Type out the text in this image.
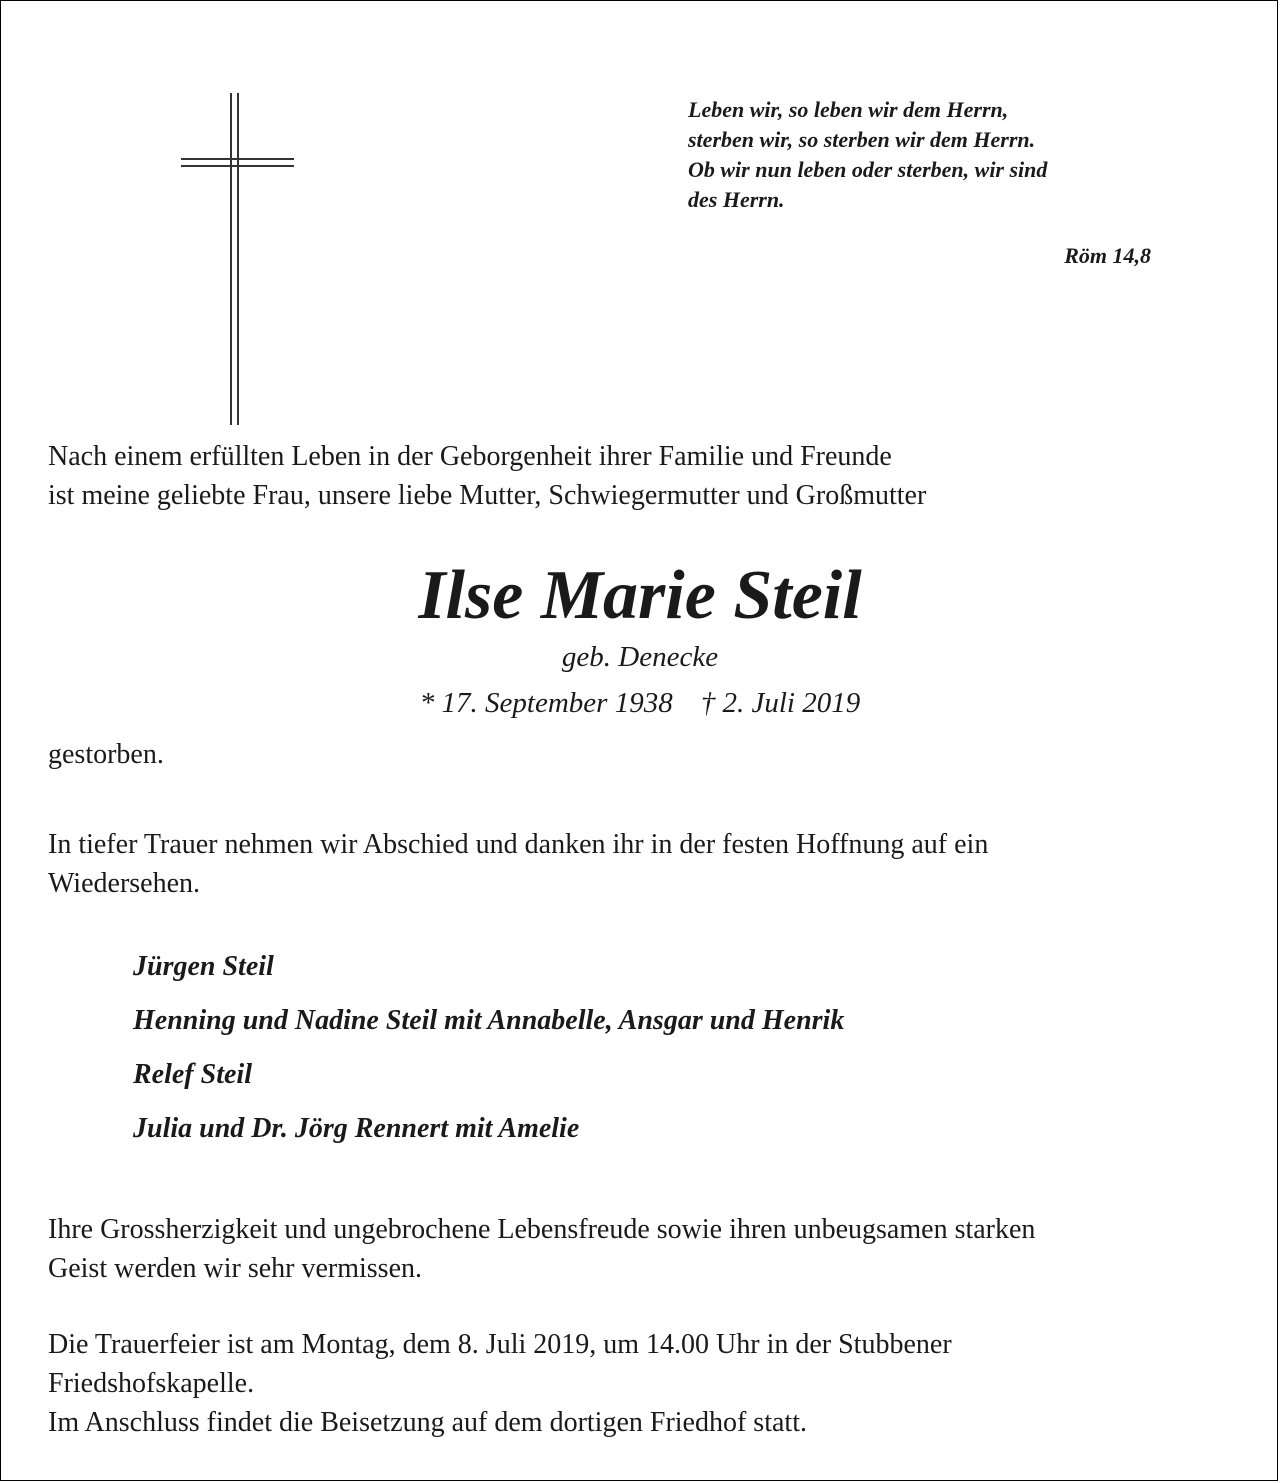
Leben wir, so leben wir dem Herrn,
sterben wir, so sterben wir dem Herrn.
Ob wir nun leben oder sterben, wir sind
des Herrn.
Röm 14,8
Nach einem erfüllten Leben in der Geborgenheit ihrer Familie und Freunde
ist meine geliebte Frau, unsere liebe Mutter, Schwiegermutter und Großmutter
Ilse Marie Steil
geb. Denecke
* 17. September 1938 † 2. Juli 2019
gestorben.
In tiefer Trauer nehmen wir Abschied und danken ihr in der festen Hoffnung auf ein
Wiedersehen.
Jürgen Steil
Henning und Nadine Steil mit Annabelle, Ansgar und Henrik
Relef Steil
Julia und Dr. Jörg Rennert mit Amelie
Ihre Grossherzigkeit und ungebrochene Lebensfreude sowie ihren unbeugsamen starken
Geist werden wir sehr vermissen.
Die Trauerfeier ist am Montag, dem 8. Juli 2019, um 14.00 Uhr in der Stubbener
Friedshofskapelle.
Im Anschluss findet die Beisetzung auf dem dortigen Friedhof statt.
